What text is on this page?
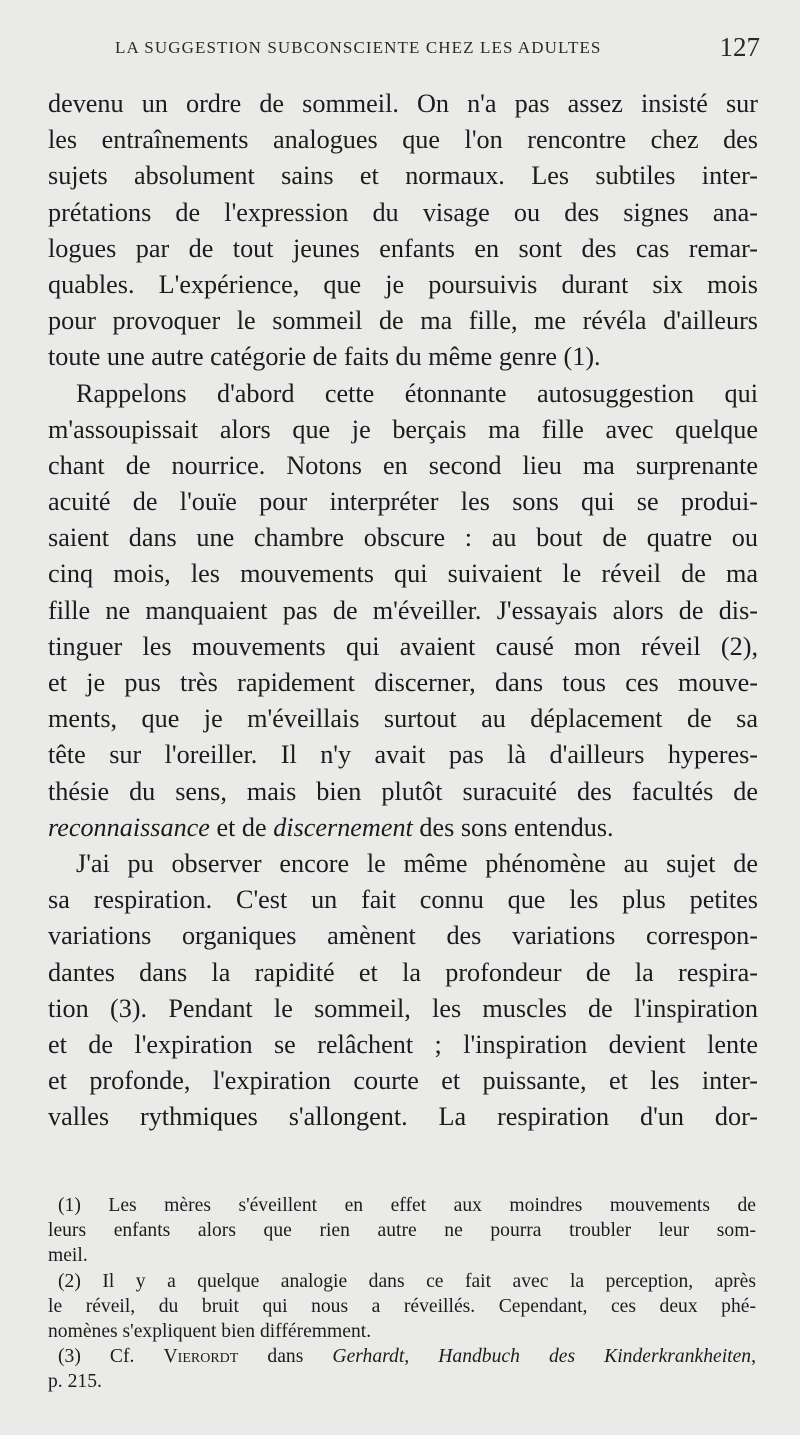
LA SUGGESTION SUBCONSCIENTE CHEZ LES ADULTES	127
devenu un ordre de sommeil. On n'a pas assez insisté sur
les entraînements analogues que l'on rencontre chez des
sujets absolument sains et normaux. Les subtiles inter-
prétations de l'expression du visage ou des signes ana-
logues par de tout jeunes enfants en sont des cas remar-
quables. L'expérience, que je poursuivis durant six mois
pour provoquer le sommeil de ma fille, me révéla d'ailleurs
toute une autre catégorie de faits du même genre (1).
Rappelons d'abord cette étonnante autosuggestion qui
m'assoupissait alors que je berçais ma fille avec quelque
chant de nourrice. Notons en second lieu ma surprenante
acuité de l'ouïe pour interpréter les sons qui se produi-
saient dans une chambre obscure : au bout de quatre ou
cinq mois, les mouvements qui suivaient le réveil de ma
fille ne manquaient pas de m'éveiller. J'essayais alors de dis-
tinguer les mouvements qui avaient causé mon réveil (2),
et je pus très rapidement discerner, dans tous ces mouve-
ments, que je m'éveillais surtout au déplacement de sa
tête sur l'oreiller. Il n'y avait pas là d'ailleurs hyperes-
thésie du sens, mais bien plutôt suracuité des facultés de
reconnaissance et de discernement des sons entendus.
J'ai pu observer encore le même phénomène au sujet de
sa respiration. C'est un fait connu que les plus petites
variations organiques amènent des variations correspon-
dantes dans la rapidité et la profondeur de la respira-
tion (3). Pendant le sommeil, les muscles de l'inspiration
et de l'expiration se relâchent ; l'inspiration devient lente
et profonde, l'expiration courte et puissante, et les inter-
valles rythmiques s'allongent. La respiration d'un dor-
(1) Les mères s'éveillent en effet aux moindres mouvements de
leurs enfants alors que rien autre ne pourra troubler leur som-
meil.
(2) Il y a quelque analogie dans ce fait avec la perception, après
le réveil, du bruit qui nous a réveillés. Cependant, ces deux phé-
nomènes s'expliquent bien différemment.
(3) Cf. Vierordt dans Gerhardt, Handbuch des Kinderkrankheiten,
p. 215.
